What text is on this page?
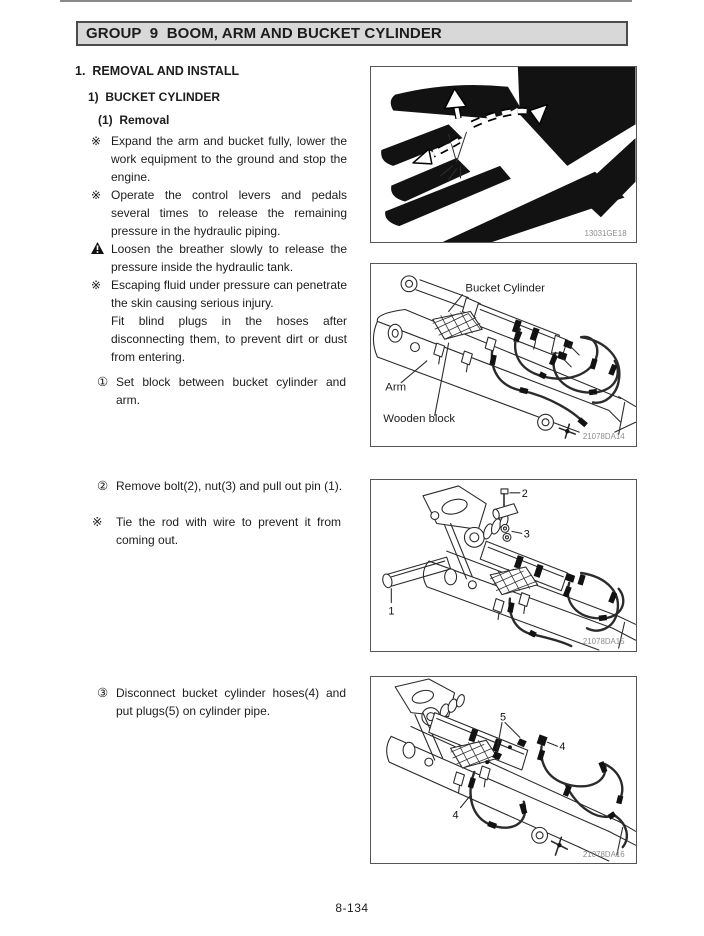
GROUP  9  BOOM, ARM AND BUCKET CYLINDER
1.  REMOVAL AND INSTALL
1)  BUCKET CYLINDER
(1)  Removal
※ Expand the arm and bucket fully, lower the work equipment to the ground and stop the engine.
※ Operate the control levers and pedals several times to release the remaining pressure in the hydraulic piping.
Loosen the breather slowly to release the pressure inside the hydraulic tank.
※ Escaping fluid under pressure can penetrate the skin causing serious injury.
Fit blind plugs in the hoses after disconnecting them, to prevent dirt or dust from entering.
① Set block between bucket cylinder and arm.
② Remove bolt(2), nut(3) and pull out pin (1).
※	Tie the rod with wire to prevent it from coming out.
③ Disconnect bucket cylinder hoses(4) and put plugs(5) on cylinder pipe.
13031GE18
Bucket Cylinder
Arm
Wooden block
21078DA14
2
3
1
21078DA15
5
4
4
21078DA16
8-134
